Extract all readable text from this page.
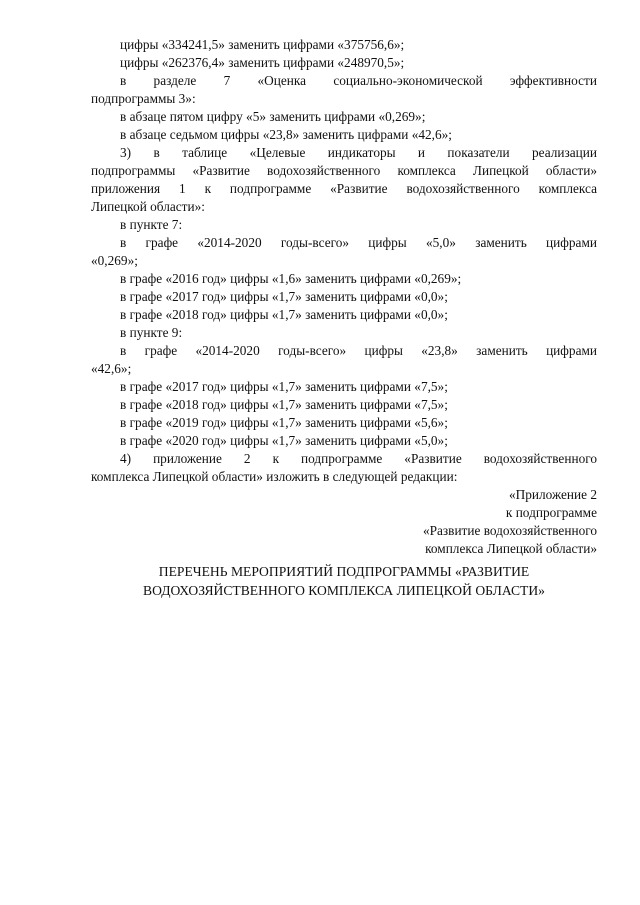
цифры «334241,5» заменить цифрами «375756,6»;

цифры «262376,4» заменить цифрами «248970,5»;

в разделе 7 «Оценка социально-экономической эффективности

подпрограммы 3»:

в абзаце пятом цифру «5» заменить цифрами «0,269»;

в абзаце седьмом цифры «23,8» заменить цифрами «42,6»;

3) в таблице «Целевые индикаторы и показатели реализации

подпрограммы «Развитие водохозяйственного комплекса Липецкой области»

приложения 1 к подпрограмме «Развитие водохозяйственного комплекса

Липецкой области»:

в пункте 7:

в графе «2014-2020 годы-всего» цифры «5,0» заменить цифрами

«0,269»;

в графе «2016 год» цифры «1,6» заменить цифрами «0,269»;

в графе «2017 год» цифры «1,7» заменить цифрами «0,0»;

в графе «2018 год» цифры «1,7» заменить цифрами «0,0»;

в пункте 9:

в графе «2014-2020 годы-всего» цифры «23,8» заменить цифрами

«42,6»;

в графе «2017 год» цифры «1,7» заменить цифрами «7,5»;

в графе «2018 год» цифры «1,7» заменить цифрами «7,5»;

в графе «2019 год» цифры «1,7» заменить цифрами «5,6»;

в графе «2020 год» цифры «1,7» заменить цифрами «5,0»;

4) приложение 2 к подпрограмме «Развитие водохозяйственного

комплекса Липецкой области» изложить в следующей редакции:

«Приложение 2

к подпрограмме

«Развитие водохозяйственного

комплекса Липецкой области»

ПЕРЕЧЕНЬ МЕРОПРИЯТИЙ ПОДПРОГРАММЫ «РАЗВИТИЕ

ВОДОХОЗЯЙСТВЕННОГО КОМПЛЕКСА ЛИПЕЦКОЙ ОБЛАСТИ»
